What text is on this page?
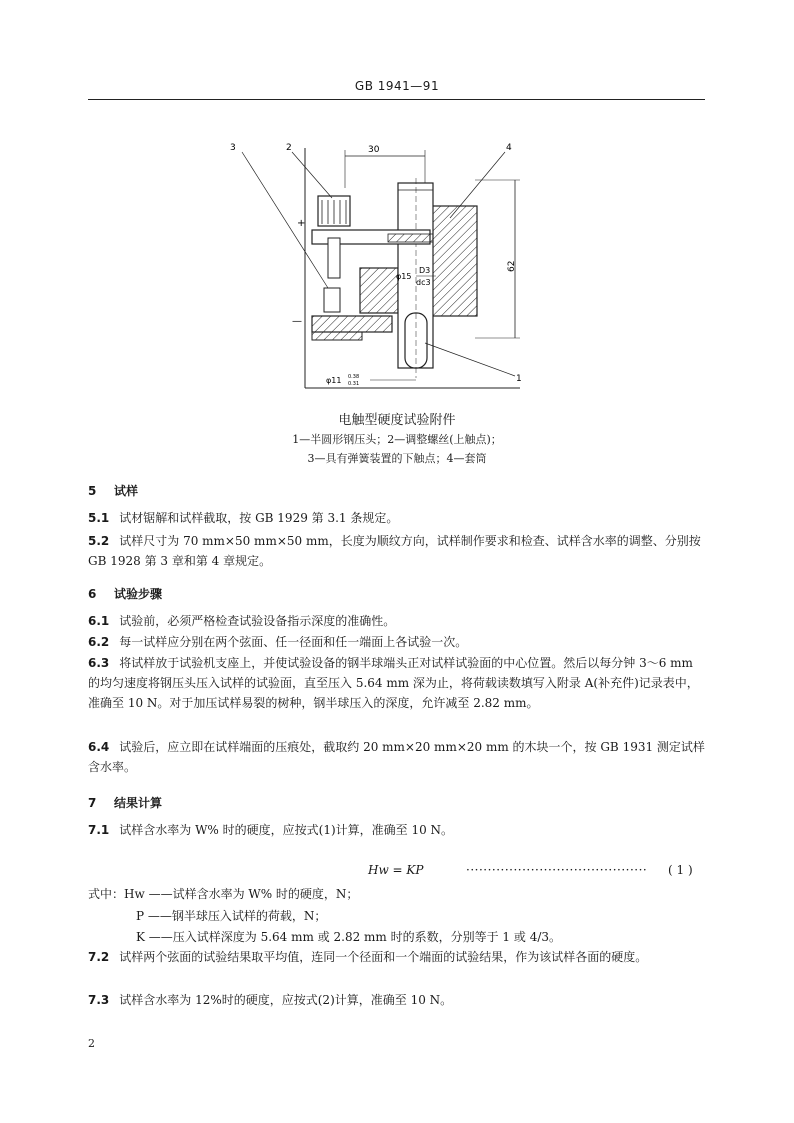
GB 1941—91
30
62
+
—
3	2	4
1
φ15
D3
dc3
φ11 0.38
0.31
电触型硬度试验附件
1—半圆形钢压头；2—调整螺丝(上触点)；
3—具有弹簧装置的下触点；4—套筒
5 试样
5.1 试材锯解和试样截取，按 GB 1929 第 3.1 条规定。
5.2 试样尺寸为 70 mm×50 mm×50 mm，长度为顺纹方向，试样制作要求和检查、试样含水率的调整、分别按 GB 1928 第 3 章和第 4 章规定。
6 试验步骤
6.1 试验前，必须严格检查试验设备指示深度的准确性。
6.2 每一试样应分别在两个弦面、任一径面和任一端面上各试验一次。
6.3 将试样放于试验机支座上，并使试验设备的钢半球端头正对试样试验面的中心位置。然后以每分钟 3～6 mm 的均匀速度将钢压头压入试样的试验面，直至压入 5.64 mm 深为止，将荷载读数填写入附录 A(补充件)记录表中，准确至 10 N。对于加压试样易裂的树种，钢半球压入的深度，允许减至 2.82 mm。
6.4 试验后，应立即在试样端面的压痕处，截取约 20 mm×20 mm×20 mm 的木块一个，按 GB 1931 测定试样含水率。
7 结果计算
7.1 试样含水率为 W% 时的硬度，应按式(1)计算，准确至 10 N。
Hw = KP	·········································· ( 1 )
式中：Hw ——试样含水率为 W% 时的硬度，N；
P ——钢半球压入试样的荷载，N；
K ——压入试样深度为 5.64 mm 或 2.82 mm 时的系数，分别等于 1 或 4/3。
7.2 试样两个弦面的试验结果取平均值，连同一个径面和一个端面的试验结果，作为该试样各面的硬度。
7.3 试样含水率为 12%时的硬度，应按式(2)计算，准确至 10 N。
2
